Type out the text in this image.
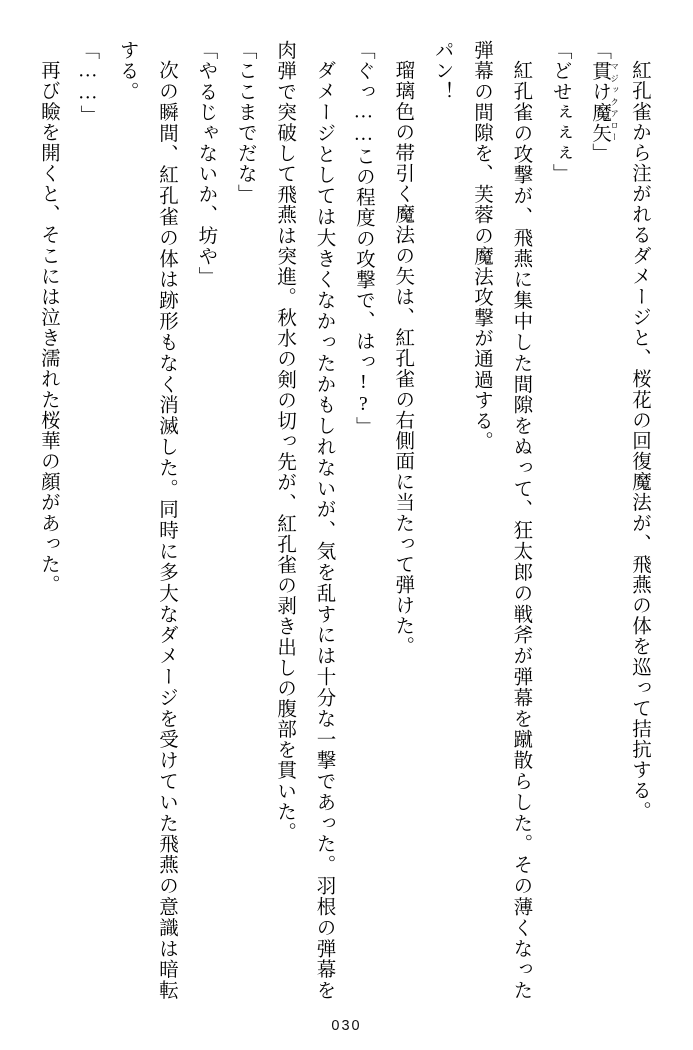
紅孔雀から注がれるダメージと、桜花の回復魔法が、飛燕の体を巡って拮抗する。

「貫け魔矢 マジックアロー」

「どせぇぇぇ」

紅孔雀の攻撃が、飛燕に集中した間隙をぬって、狂太郎の戦斧が弾幕を蹴散らした。その薄くなった弾幕の間隙を、芙蓉の魔法攻撃が通過する。

パン！

瑠璃色の帯引く魔法の矢は、紅孔雀の右側面に当たって弾けた。

「ぐっ……この程度の攻撃で、はっ!?」

ダメージとしては大きくなかったかもしれないが、気を乱すには十分な一撃であった。羽根の弾幕を肉弾で突破して飛燕は突進。秋水の剣の切っ先が、紅孔雀の剥き出しの腹部を貫いた。

「ここまでだな」

「やるじゃないか、坊や」

次の瞬間、紅孔雀の体は跡形もなく消滅した。同時に多大なダメージを受けていた飛燕の意識は暗転する。

「……」

再び瞼を開くと、そこには泣き濡れた桜華の顔があった。

030
